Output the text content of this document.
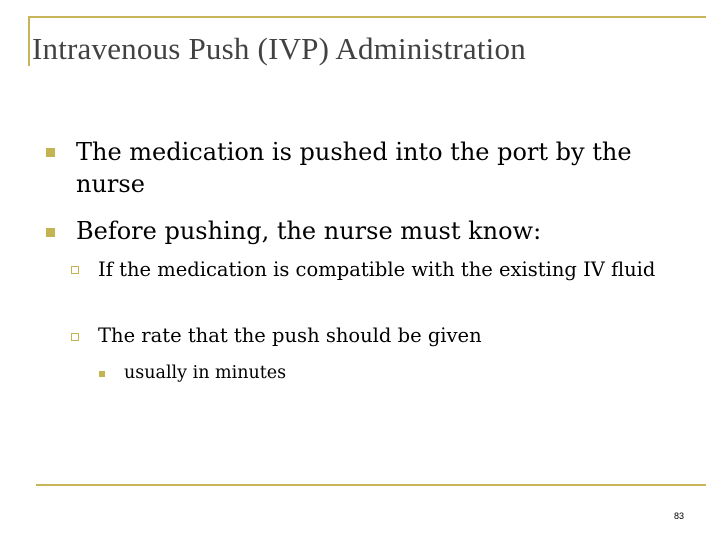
Intravenous Push (IVP) Administration

The medication is pushed into the port by the nurse

Before pushing, the nurse must know:

If the medication is compatible with the existing IV fluid

The rate that the push should be given

usually in minutes

83
